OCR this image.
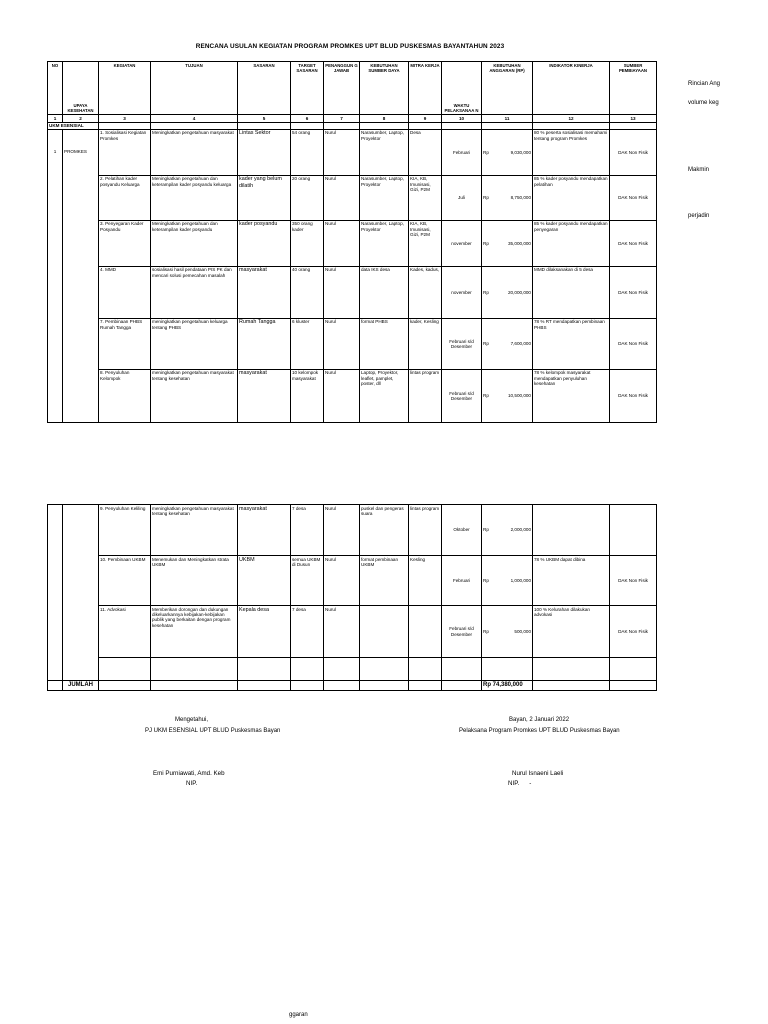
RENCANA USULAN KEGIATAN PROGRAM PROMKES UPT BLUD PUSKESMAS BAYANTAHUN 2023
NO	UPAYA KESEHATAN	KEGIATAN	TUJUAN	SASARAN	TARGET SASARAN	PENANGGUN G JAWAB	KEBUTUHAN SUMBER DAYA	MITRA KERJA	WAKTU PELAKSANAA N	KEBUTUHAN ANGGARAN (RP)	INDIKATOR KINERJA	SUMBER PEMBIAYAAN
1	2	3	4	5	6	7	8	9	10	11	12	13
UKM ESENSIAL												
1	PROMKES	1. Sosialisasi Kegiatan Promkes	Meningkatkan pengetahuan masyarakat	Lintas Sektor	54 orang	Nurul	Narasumber, Laptop, Proyektor	Desa	Februari	Rp 9,030,000	80 % peserta sosialisasi memahami tentang program Promkes	DAK Non Fisik
		2. Pelatihan kader posyandu Keluarga	Meningkatkan pengetahuan dan keterampilan kader posyandu keluarga	kader yang belum dilatih	20 orang	Nurul	Narasumber, Laptop, Proyektor	KIA, KB, Imunisasi, Gizi, P2M	Juli	Rp 8,750,000	85 % kader posyandu mendapatkan pelatihan	DAK Non Fisik
		3. Penyegaran Kader Posyandu	Meningkatkan pengetahuan dan keterampilan kader posyandu	kader posyandu	350 orang kader	Nurul	Narasumber, Laptop, Proyektor	KIA, KB, Imunisasi, Gizi, P2M	november	Rp 35,000,000	85 % kader posyandu mendapatkan penyegaran	DAK Non Fisik
		4. MMD	sosialisasi hasil pendataan PIS PK dan mencari solusi pemecahan masalah	masyarakat	40 orang	Nurul	data IKS desa	Kades, kadus,	november	Rp 20,000,000	MMD dilaksanakan di 5 desa	DAK Non Fisik
		7. Pembinaan PHBS Rumah Tangga	meningkatkan pengetahuan keluarga tentang PHBS	Rumah Tangga	6 kluster	Nurul	format PHBS	kader, Kesling	Februari s/d Desember	Rp 7,600,000	78 % RT mendapatkan pembinaan PHBS	DAK Non Fisik
		8. Penyuluhan Kelompok	meningkatkan pengetahuan masyarakat tentang kesehatan	masyarakat	10 kelompok masyarakat	Nurul	Laptop, Proyektor, leaflet, pamplet, poster, dll	lintas program	Februari s/d Desember	Rp 10,500,000	78 % kelompok masyarakat mendapatkan penyuluhan kesehatan	DAK Non Fisik
Rincian Ang
volume keg
Makmin
perjadin
		9. Penyuluhan Keliling	meningkatkan pengetahuan masyarakat tentang kesehatan	masyarakat	7 desa	Nurul	puskel dan pengeras suara	lintas program	Oktober	Rp 2,000,000		

		10. Pembinaan UKBM	Menemukan dan Meningkatkan strata UKBM	UKBM	semua UKBM di Dusun	Nurul	format pembinaan UKBM	Kesling	Februari	Rp 1,000,000	78 % UKBM dapat dibina	DAK Non Fisik
		11. Advokasi	Memberikan dorongan dan dukungan dikeluarkannya kebijakan-kebijakan publik yang berkaitan dengan program kesehatan	Kepala desa	7 desa	Nurul			Februari s/d Desember	Rp 500,000	100 % Kelurahan dilakukan advokasi	DAK Non Fisik

	JUMLAH									Rp 74,380,000		
Mengetahui,
PJ UKM ESENSIAL UPT BLUD Puskesmas Bayan
Emi Purniawati, Amd. Keb
NIP.
Bayan, 2 Januari 2022
Pelaksana Program Promkes UPT BLUD Puskesmas Bayan
Nurul Isnaeni Laeli
NIP. -
ggaran
